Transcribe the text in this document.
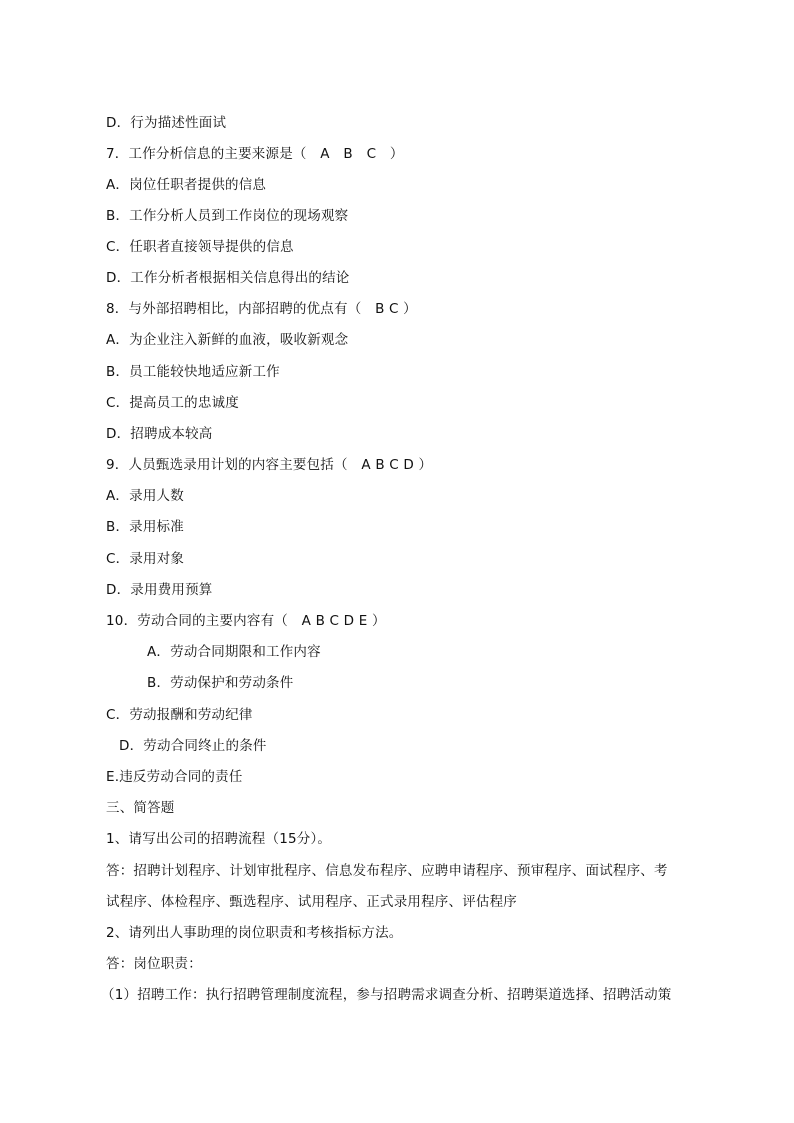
D．行为描述性面试
7．工作分析信息的主要来源是（　A　B　C　）
A．岗位任职者提供的信息
B．工作分析人员到工作岗位的现场观察
C．任职者直接领导提供的信息
D．工作分析者根据相关信息得出的结论
8．与外部招聘相比，内部招聘的优点有（　B C ）
A．为企业注入新鲜的血液，吸收新观念
B．员工能较快地适应新工作
C．提高员工的忠诚度
D．招聘成本较高
9．人员甄选录用计划的内容主要包括（　A B C D ）
A．录用人数
B．录用标准
C．录用对象
D．录用费用预算
10．劳动合同的主要内容有（　A B C D E ）
A．劳动合同期限和工作内容
B．劳动保护和劳动条件
C．劳动报酬和劳动纪律
D．劳动合同终止的条件
E.违反劳动合同的责任
三、简答题
1、请写出公司的招聘流程（15分）。
答：招聘计划程序、计划审批程序、信息发布程序、应聘申请程序、预审程序、面试程序、考
试程序、体检程序、甄选程序、试用程序、正式录用程序、评估程序
2、请列出人事助理的岗位职责和考核指标方法。
答：岗位职责：
（1）招聘工作：执行招聘管理制度流程，参与招聘需求调查分析、招聘渠道选择、招聘活动策
